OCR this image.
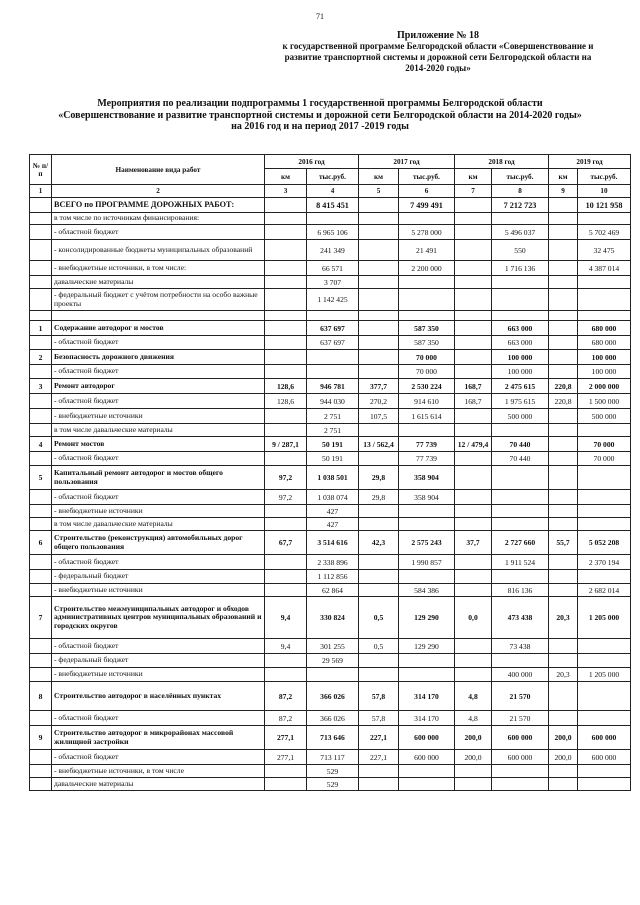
71
Приложение № 18
к государственной программе Белгородской области «Совершенствование и
развитие транспортной системы и дорожной сети Белгородской области на
2014-2020 годы»
Мероприятия по реализации подпрограммы 1 государственной программы Белгородской области
«Совершенствование и развитие транспортной системы и дорожной сети Белгородской области на 2014-2020 годы»
на 2016 год и на период 2017 -2019 годы
№ п/п	Наименование вида работ	2016 год		2017 год		2018 год		2019 год	
		км	тыс.руб.	км	тыс.руб.	км	тыс.руб.	км	тыс.руб.
1	2	3	4	5	6	7	8	9	10
	ВСЕГО по ПРОГРАММЕ ДОРОЖНЫХ РАБОТ:		8 415 451		7 499 491		7 212 723		10 121 958
	в том числе по источникам финансирования:								
	- областной бюджет		6 965 106		5 278 000		5 496 037		5 702 469
	- консолидированные бюджеты муниципальных образований		241 349		21 491		550		32 475
	- внебюджетные источники, в том числе:		66 571		2 200 000		1 716 136		4 387 014
	давальческие материалы		3 707						
	- федеральный бюджет с учётом потребности на особо важные проекты		1 142 425						

1	Содержание автодорог и мостов		637 697		587 350		663 000		680 000
	- областной бюджет		637 697		587 350		663 000		680 000
2	Безопасность дорожного движения				70 000		100 000		100 000
	- областной бюджет				70 000		100 000		100 000
3	Ремонт автодорог	128,6	946 781	377,7	2 530 224	168,7	2 475 615	220,8	2 000 000
	- областной бюджет	128,6	944 030	270,2	914 610	168,7	1 975 615	220,8	1 500 000
	- внебюджетные источники		2 751	107,5	1 615 614		500 000		500 000
	в том числе давальческие материалы		2 751						
4	Ремонт мостов	9 / 287,1	50 191	13 / 562,4	77 739	12 / 479,4	70 440		70 000
	- областной бюджет		50 191		77 739		70 440		70 000
5	Капитальный ремонт автодорог и мостов общего пользования	97,2	1 038 501	29,8	358 904				
	- областной бюджет	97,2	1 038 074	29,8	358 904				
	- внебюджетные источники		427						
	в том числе давальческие материалы		427						
6	Строительство (реконструкция) автомобильных дорог общего пользования	67,7	3 514 616	42,3	2 575 243	37,7	2 727 660	55,7	5 052 208
	- областной бюджет		2 338 896		1 990 857		1 911 524		2 370 194
	- федеральный бюджет		1 112 856						
	- внебюджетные источники		62 864		584 386		816 136		2 682 014
7	Строительство межмуниципальных автодорог и обходов административных центров муниципальных образований и городских округов	9,4	330 824	0,5	129 290	0,0	473 438	20,3	1 205 000
	- областной бюджет	9,4	301 255	0,5	129 290		73 438		
	- федеральный бюджет		29 569						
	- внебюджетные источники						400 000	20,3	1 205 000
8	Строительство автодорог в населённых пунктах	87,2	366 026	57,8	314 170	4,8	21 570		
	- областной бюджет	87,2	366 026	57,8	314 170	4,8	21 570		
9	Строительство автодорог в микрорайонах массовой жилищной застройки	277,1	713 646	227,1	600 000	200,0	600 000	200,0	600 000
	- областной бюджет	277,1	713 117	227,1	600 000	200,0	600 000	200,0	600 000
	- внебюджетные источники, в том числе		529						
	давальческие материалы		529						
